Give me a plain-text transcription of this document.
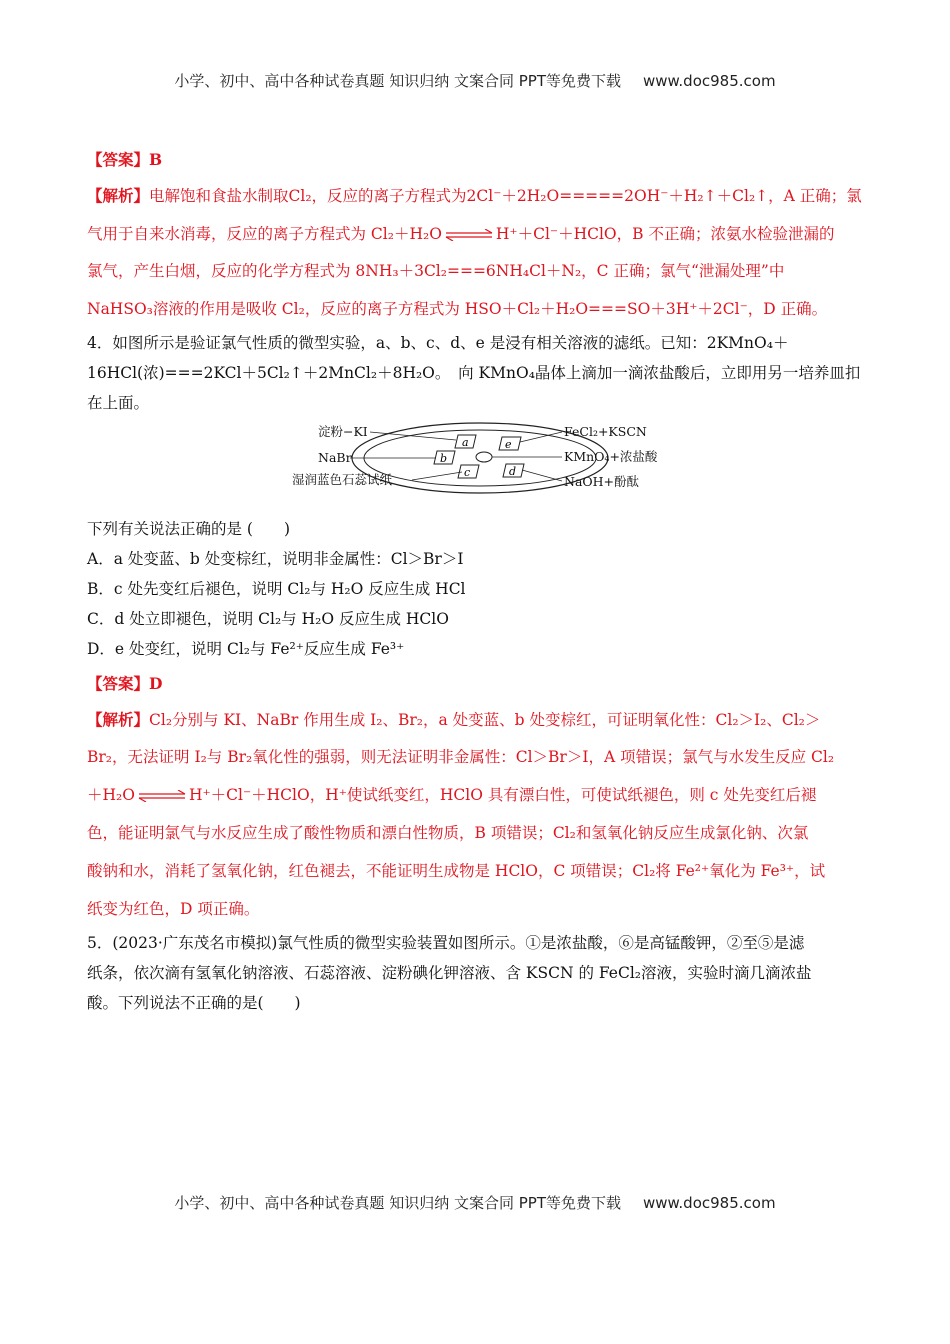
小学、初中、高中各种试卷真题 知识归纳 文案合同 PPT等免费下载 www.doc985.com
【答案】B
【解析】电解饱和食盐水制取Cl₂，反应的离子方程式为2Cl⁻＋2H₂O=====2OH⁻＋H₂↑＋Cl₂↑，A 正确；氯
气用于自来水消毒，反应的离子方程式为 Cl₂＋H₂O ⇌ H⁺＋Cl⁻＋HClO，B 不正确；浓氨水检验泄漏的
氯气，产生白烟，反应的化学方程式为 8NH₃＋3Cl₂===6NH₄Cl＋N₂，C 正确；氯气“泄漏处理”中
NaHSO₃溶液的作用是吸收 Cl₂，反应的离子方程式为 HSO＋Cl₂＋H₂O===SO＋3H⁺＋2Cl⁻，D 正确。
4．如图所示是验证氯气性质的微型实验，a、b、c、d、e 是浸有相关溶液的滤纸。已知：2KMnO₄＋
16HCl(浓)===2KCl＋5Cl₂↑＋2MnCl₂＋8H₂O。　向 KMnO₄晶体上滴加一滴浓盐酸后，立即用另一培养皿扣
在上面。
a	e
b
c	d
淀粉−KI
NaBr
湿润蓝色石蕊试纸
FeCl₂+KSCN
KMnO₄+浓盐酸
NaOH+酚酞
下列有关说法正确的是 (　　)
A．a 处变蓝、b 处变棕红，说明非金属性：Cl＞Br＞I
B．c 处先变红后褪色，说明 Cl₂与 H₂O 反应生成 HCl
C．d 处立即褪色，说明 Cl₂与 H₂O 反应生成 HClO
D．e 处变红，说明 Cl₂与 Fe²⁺反应生成 Fe³⁺
【答案】D
【解析】Cl₂分别与 KI、NaBr 作用生成 I₂、Br₂，a 处变蓝、b 处变棕红，可证明氧化性：Cl₂＞I₂、Cl₂＞
Br₂，无法证明 I₂与 Br₂氧化性的强弱，则无法证明非金属性：Cl＞Br＞I，A 项错误；氯气与水发生反应 Cl₂
＋H₂O ⇌ H⁺＋Cl⁻＋HClO，H⁺使试纸变红，HClO 具有漂白性，可使试纸褪色，则 c 处先变红后褪
色，能证明氯气与水反应生成了酸性物质和漂白性物质，B 项错误；Cl₂和氢氧化钠反应生成氯化钠、次氯
酸钠和水，消耗了氢氧化钠，红色褪去，不能证明生成物是 HClO，C 项错误；Cl₂将 Fe²⁺氧化为 Fe³⁺，试
纸变为红色，D 项正确。
5．(2023·广东茂名市模拟)氯气性质的微型实验装置如图所示。①是浓盐酸，⑥是高锰酸钾，②至⑤是滤
纸条，依次滴有氢氧化钠溶液、石蕊溶液、淀粉碘化钾溶液、含 KSCN 的 FeCl₂溶液，实验时滴几滴浓盐
酸。下列说法不正确的是(　　)
小学、初中、高中各种试卷真题 知识归纳 文案合同 PPT等免费下载 www.doc985.com
